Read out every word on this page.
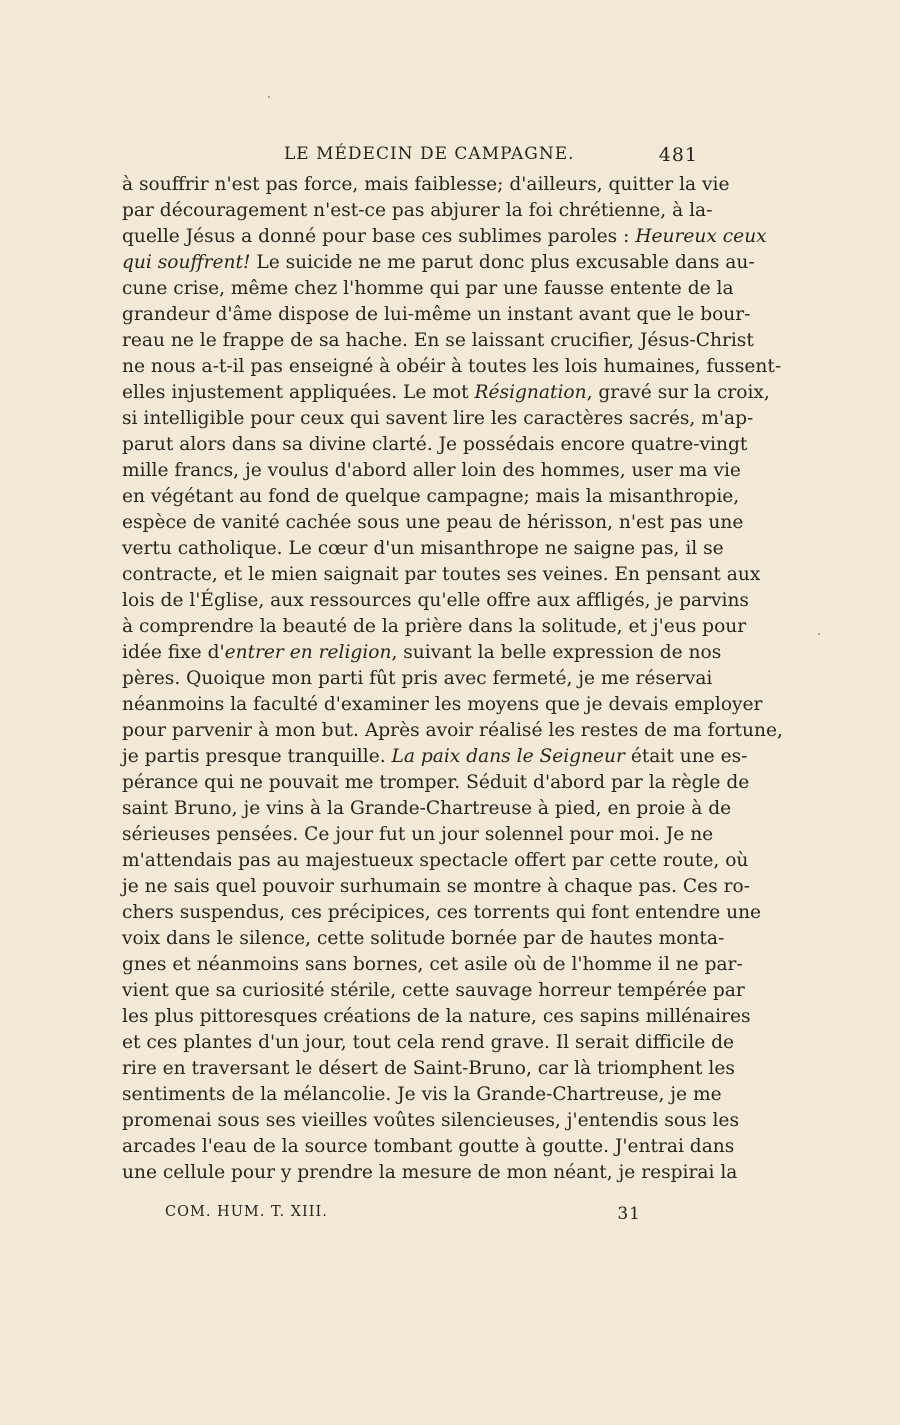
LE MÉDECIN DE CAMPAGNE.	481
à souffrir n'est pas force, mais faiblesse; d'ailleurs, quitter la vie
par découragement n'est-ce pas abjurer la foi chrétienne, à la-
quelle Jésus a donné pour base ces sublimes paroles : Heureux ceux
qui souffrent! Le suicide ne me parut donc plus excusable dans au-
cune crise, même chez l'homme qui par une fausse entente de la
grandeur d'âme dispose de lui-même un instant avant que le bour-
reau ne le frappe de sa hache. En se laissant crucifier, Jésus-Christ
ne nous a-t-il pas enseigné à obéir à toutes les lois humaines, fussent-
elles injustement appliquées. Le mot Résignation, gravé sur la croix,
si intelligible pour ceux qui savent lire les caractères sacrés, m'ap-
parut alors dans sa divine clarté. Je possédais encore quatre-vingt
mille francs, je voulus d'abord aller loin des hommes, user ma vie
en végétant au fond de quelque campagne; mais la misanthropie,
espèce de vanité cachée sous une peau de hérisson, n'est pas une
vertu catholique. Le cœur d'un misanthrope ne saigne pas, il se
contracte, et le mien saignait par toutes ses veines. En pensant aux
lois de l'Église, aux ressources qu'elle offre aux affligés, je parvins
à comprendre la beauté de la prière dans la solitude, et j'eus pour
idée fixe d'entrer en religion, suivant la belle expression de nos
pères. Quoique mon parti fût pris avec fermeté, je me réservai
néanmoins la faculté d'examiner les moyens que je devais employer
pour parvenir à mon but. Après avoir réalisé les restes de ma fortune,
je partis presque tranquille. La paix dans le Seigneur était une es-
pérance qui ne pouvait me tromper. Séduit d'abord par la règle de
saint Bruno, je vins à la Grande-Chartreuse à pied, en proie à de
sérieuses pensées. Ce jour fut un jour solennel pour moi. Je ne
m'attendais pas au majestueux spectacle offert par cette route, où
je ne sais quel pouvoir surhumain se montre à chaque pas. Ces ro-
chers suspendus, ces précipices, ces torrents qui font entendre une
voix dans le silence, cette solitude bornée par de hautes monta-
gnes et néanmoins sans bornes, cet asile où de l'homme il ne par-
vient que sa curiosité stérile, cette sauvage horreur tempérée par
les plus pittoresques créations de la nature, ces sapins millénaires
et ces plantes d'un jour, tout cela rend grave. Il serait difficile de
rire en traversant le désert de Saint-Bruno, car là triomphent les
sentiments de la mélancolie. Je vis la Grande-Chartreuse, je me
promenai sous ses vieilles voûtes silencieuses, j'entendis sous les
arcades l'eau de la source tombant goutte à goutte. J'entrai dans
une cellule pour y prendre la mesure de mon néant, je respirai la
COM. HUM. T. XIII.	31
